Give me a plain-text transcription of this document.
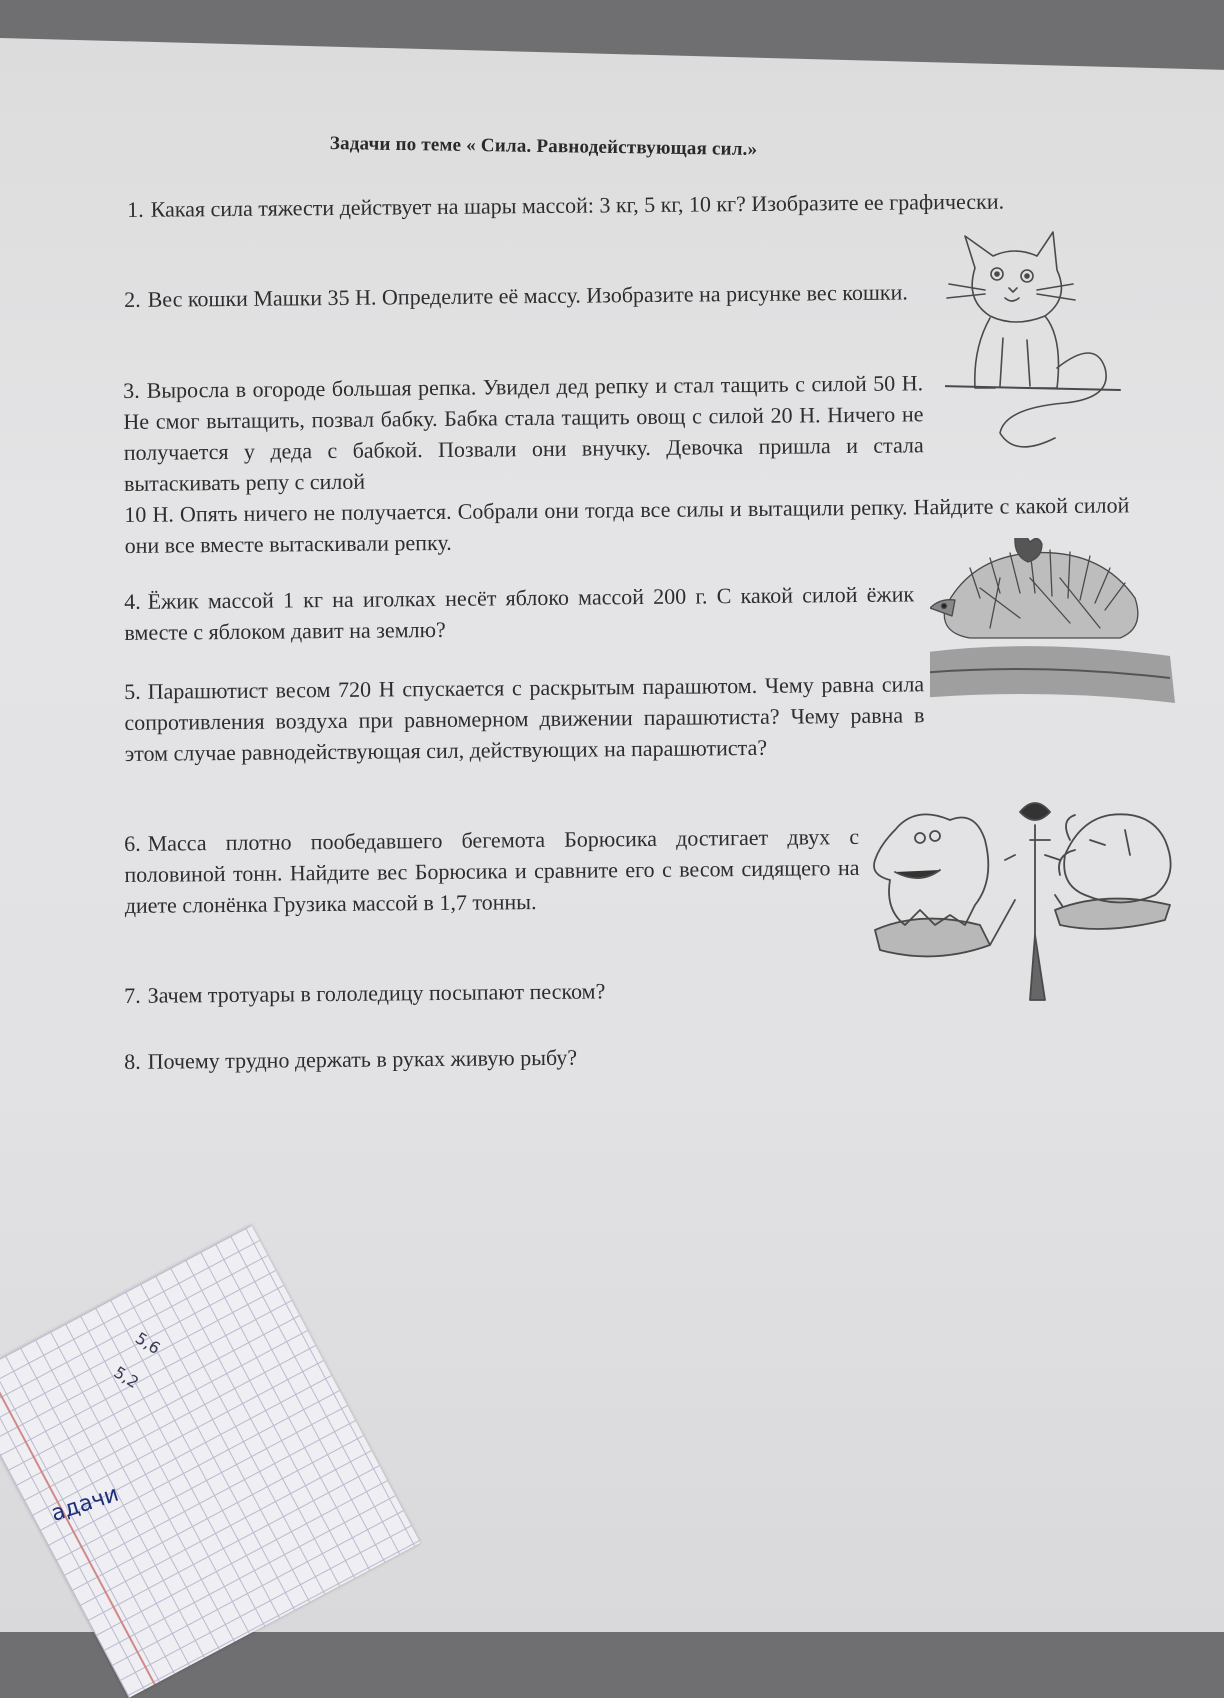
Задачи по теме « Сила. Равнодействующая сил.»

1. Какая сила тяжести действует на шары массой: 3 кг, 5 кг, 10 кг? Изобразите ее графически.

2. Вес кошки Машки 35 Н. Определите её массу. Изобразите на рисунке вес кошки.

3. Выросла в огороде большая репка. Увидел дед репку и стал тащить с силой 50 Н. Не смог вытащить, позвал бабку. Бабка стала тащить овощ с силой 20 Н. Ничего не получается у деда с бабкой. Позвали они внучку. Девочка пришла и стала вытаскивать репу с силой
10 Н. Опять ничего не получается. Собрали они тогда все силы и вытащили репку. Найдите с какой силой они все вместе вытаскивали репку.

4. Ёжик массой 1 кг на иголках несёт яблоко массой 200 г. С какой силой ёжик вместе с яблоком давит на землю?

5. Парашютист весом 720 Н спускается с раскрытым парашютом. Чему равна сила сопротивления воздуха при равномерном движении парашютиста? Чему равна в этом случае равнодействующая сил, действующих на парашютиста?

6. Масса плотно пообедавшего бегемота Борюсика достигает двух с половиной тонн. Найдите вес Борюсика и сравните его с весом сидящего на диете слонёнка Грузика массой в 1,7 тонны.

7. Зачем тротуары в гололедицу посыпают песком?

8. Почему трудно держать в руках живую рыбу?

адачи
5,2
5,6
